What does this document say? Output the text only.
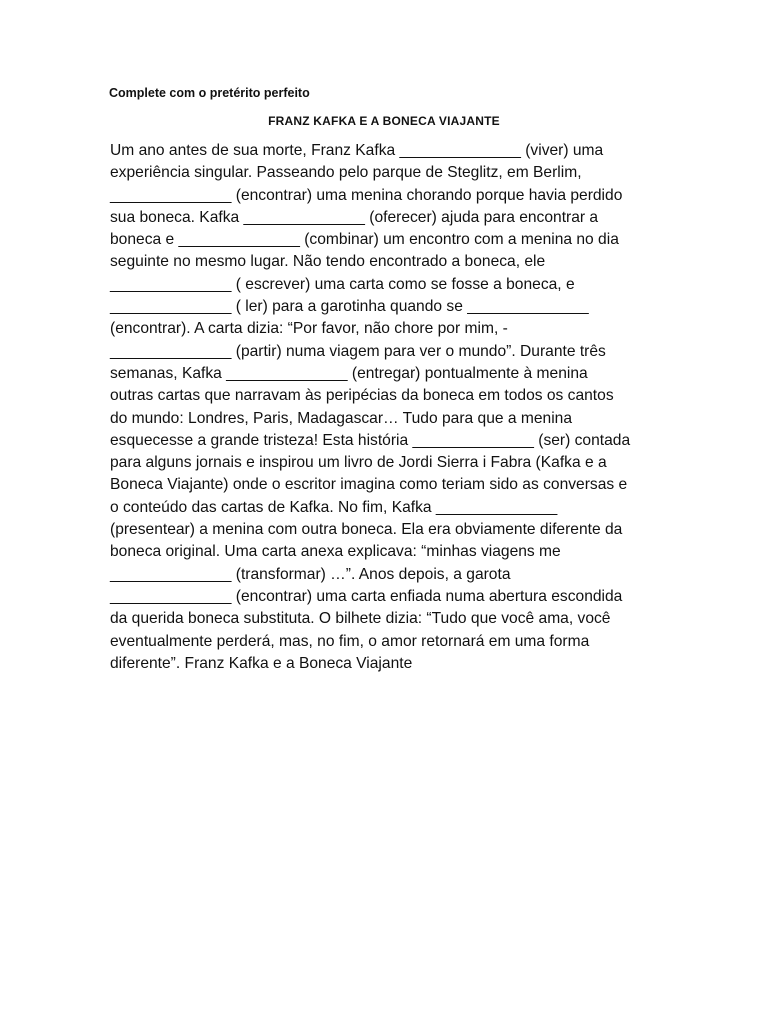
Complete com o pretérito perfeito

FRANZ KAFKA E A BONECA VIAJANTE

Um ano antes de sua morte, Franz Kafka ______________ (viver) uma
experiência singular. Passeando pelo parque de Steglitz, em Berlim,
______________ (encontrar) uma menina chorando porque havia perdido
sua boneca. Kafka ______________ (oferecer) ajuda para encontrar a
boneca e ______________ (combinar) um encontro com a menina no dia
seguinte no mesmo lugar. Não tendo encontrado a boneca, ele
______________ ( escrever) uma carta como se fosse a boneca, e
______________ ( ler) para a garotinha quando se ______________
(encontrar). A carta dizia: “Por favor, não chore por mim, -
______________ (partir) numa viagem para ver o mundo”. Durante três
semanas, Kafka ______________ (entregar) pontualmente à menina
outras cartas que narravam às peripécias da boneca em todos os cantos
do mundo: Londres, Paris, Madagascar… Tudo para que a menina
esquecesse a grande tristeza! Esta história ______________ (ser) contada
para alguns jornais e inspirou um livro de Jordi Sierra i Fabra (Kafka e a
Boneca Viajante) onde o escritor imagina como teriam sido as conversas e
o conteúdo das cartas de Kafka. No fim, Kafka ______________
(presentear) a menina com outra boneca. Ela era obviamente diferente da
boneca original. Uma carta anexa explicava: “minhas viagens me
______________ (transformar) …”. Anos depois, a garota
______________ (encontrar) uma carta enfiada numa abertura escondida
da querida boneca substituta. O bilhete dizia: “Tudo que você ama, você
eventualmente perderá, mas, no fim, o amor retornará em uma forma
diferente”. Franz Kafka e a Boneca Viajante
